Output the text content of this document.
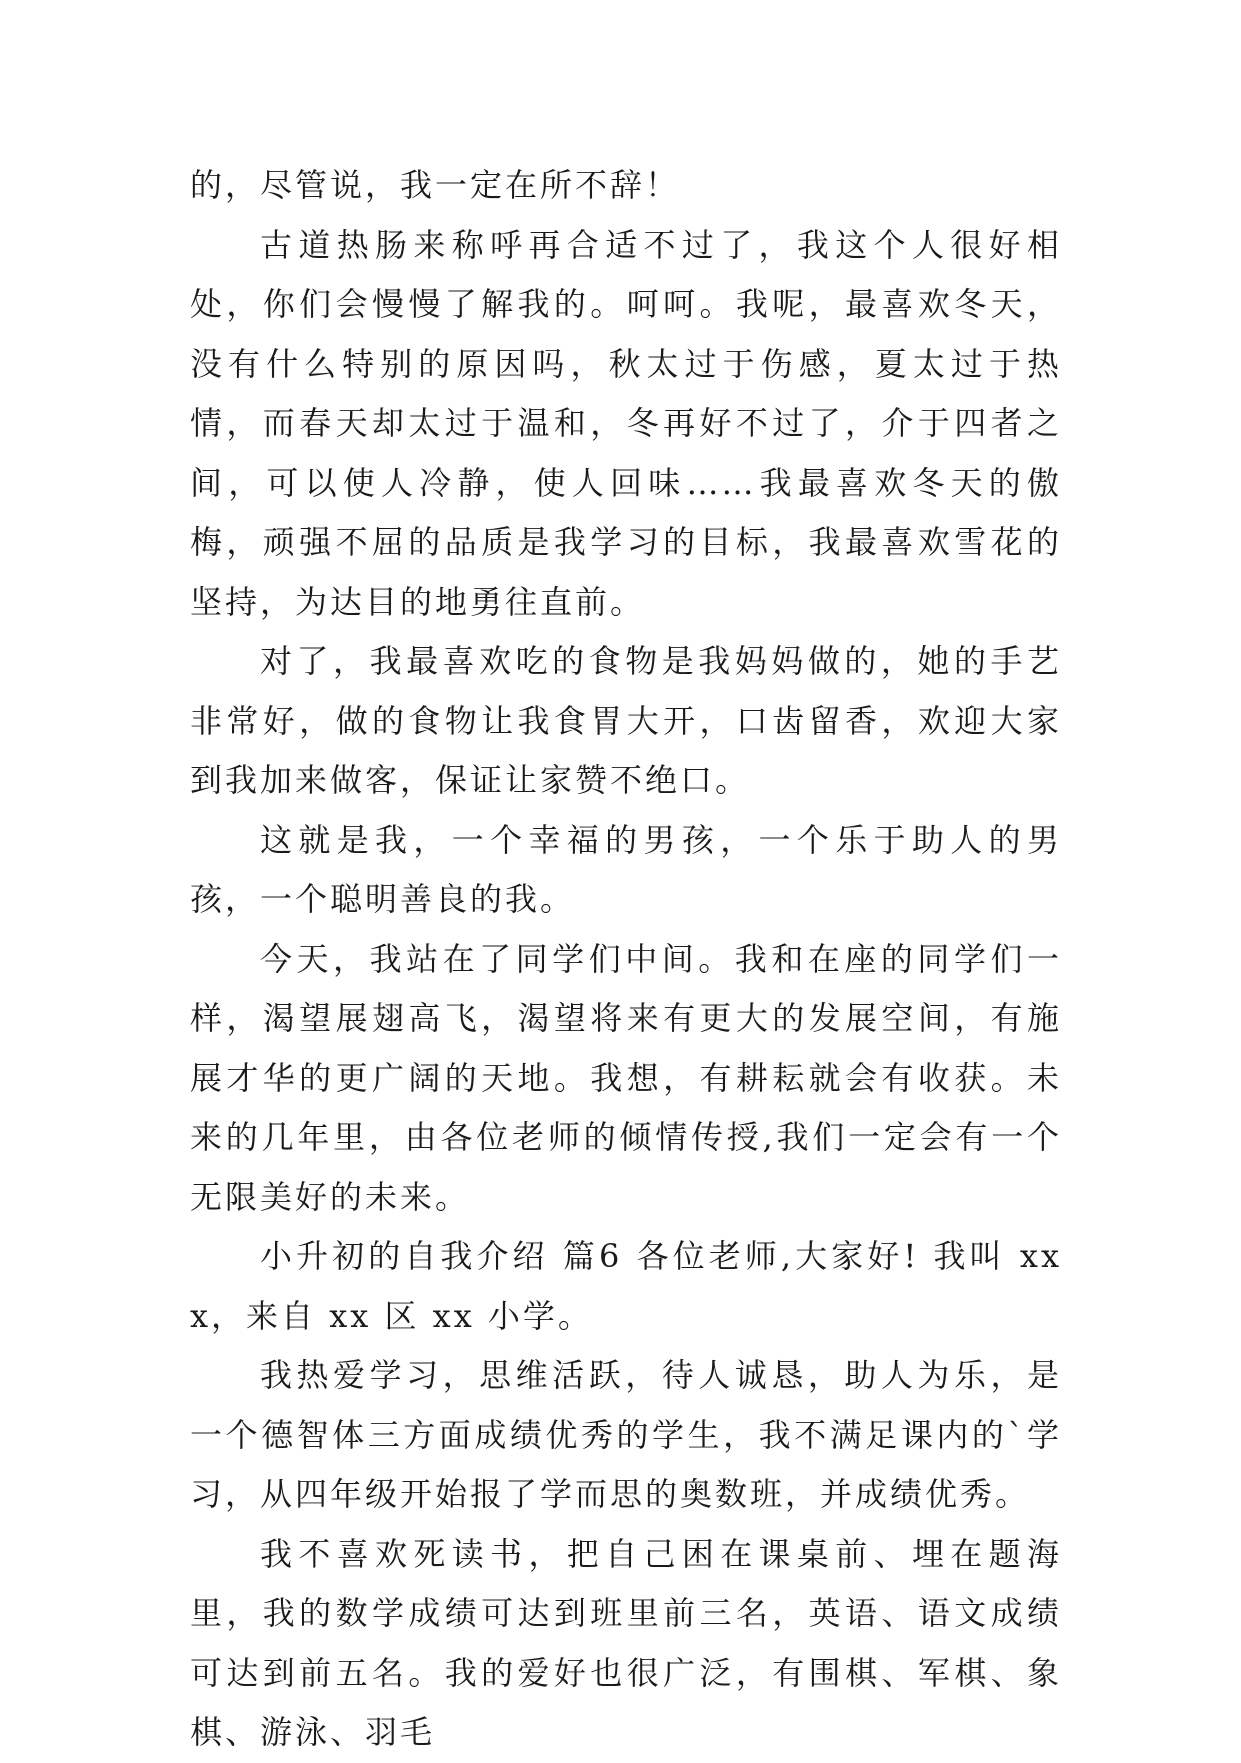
的，尽管说，我一定在所不辞！

古道热肠来称呼再合适不过了，我这个人很好相处，你们会慢慢了解我的。呵呵。我呢，最喜欢冬天，没有什么特别的原因吗，秋太过于伤感，夏太过于热情，而春天却太过于温和，冬再好不过了，介于四者之间，可以使人冷静，使人回味……我最喜欢冬天的傲梅，顽强不屈的品质是我学习的目标，我最喜欢雪花的坚持，为达目的地勇往直前。

对了，我最喜欢吃的食物是我妈妈做的，她的手艺非常好，做的食物让我食胃大开，口齿留香，欢迎大家到我加来做客，保证让家赞不绝口。

这就是我，一个幸福的男孩，一个乐于助人的男孩，一个聪明善良的我。

今天，我站在了同学们中间。我和在座的同学们一样，渴望展翅高飞，渴望将来有更大的发展空间，有施展才华的更广阔的天地。我想，有耕耘就会有收获。未来的几年里，由各位老师的倾情传授,我们一定会有一个无限美好的未来。

小升初的自我介绍 篇6 各位老师,大家好! 我叫 xxx，来自 xx 区 xx 小学。

我热爱学习，思维活跃，待人诚恳，助人为乐，是一个德智体三方面成绩优秀的学生，我不满足课内的`学习，从四年级开始报了学而思的奥数班，并成绩优秀。

我不喜欢死读书，把自己困在课桌前、埋在题海里，我的数学成绩可达到班里前三名，英语、语文成绩可达到前五名。我的爱好也很广泛，有围棋、军棋、象棋、游泳、羽毛
